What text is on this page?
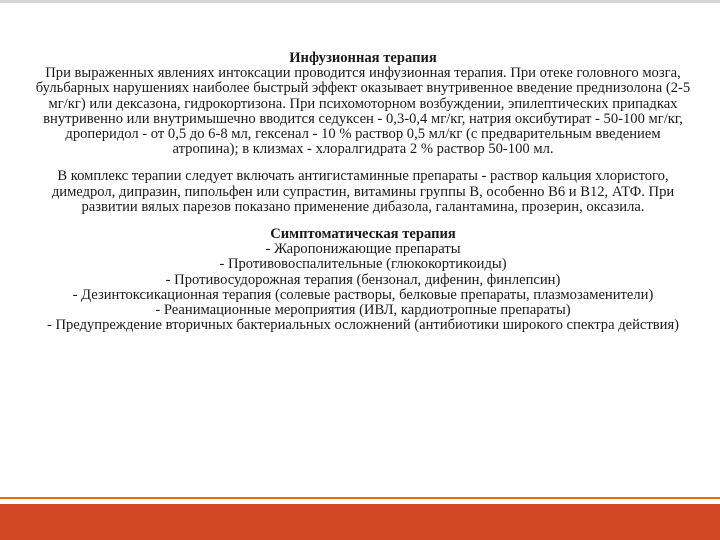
Инфузионная терапия

При выраженных явлениях интоксации проводится инфузионная терапия. При отеке головного мозга, бульбарных нарушениях наиболее быстрый эффект оказывает внутривенное введение преднизолона (2-5 мг/кг) или дексазона, гидрокортизона. При психомоторном возбуждении, эпилептических припадках внутривенно или внутримышечно вводится седуксен - 0,3-0,4 мг/кг, натрия оксибутират - 50-100 мг/кг, дроперидол - от 0,5 до 6-8 мл, гексенал - 10 % раствор 0,5 мл/кг (с предварительным введением атропина); в клизмах - хлоралгидрата 2 % раствор 50-100 мл.

В комплекс терапии следует включать антигистаминные препараты - раствор кальция хлористого, димедрол, дипразин, пипольфен или супрастин, витамины группы В, особенно В6 и В12, АТФ. При развитии вялых парезов показано применение дибазола, галантамина, прозерин, оксазила.

Симптоматическая терапия
- Жаропонижающие препараты
- Противовоспалительные (глюкокортикоиды)
- Противосудорожная терапия (бензонал, дифенин, финлепсин)
- Дезинтоксикационная терапия (солевые растворы, белковые препараты, плазмозаменители)
- Реанимационные мероприятия (ИВЛ, кардиотропные препараты)
- Предупреждение вторичных бактериальных осложнений (антибиотики широкого спектра действия)
